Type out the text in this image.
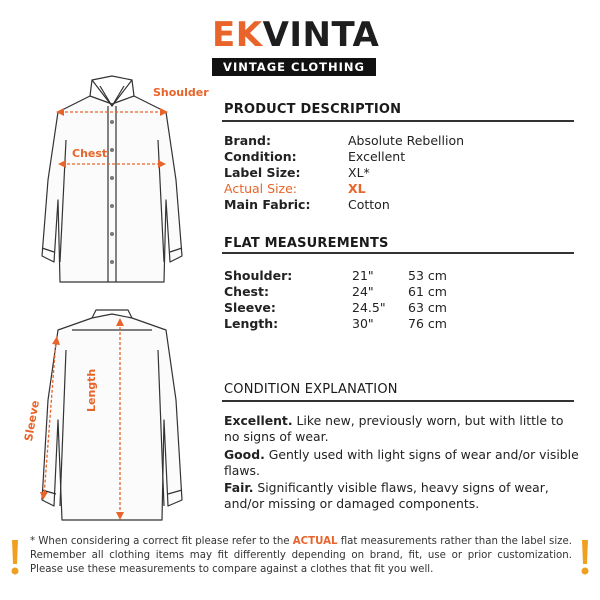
EKVINTA
VINTAGE CLOTHING
Shoulder
Chest
Length
Sleeve
PRODUCT DESCRIPTION
Brand:	Absolute Rebellion
Condition:	Excellent
Label Size:	XL*
Actual Size:	XL
Main Fabric:	Cotton
FLAT MEASUREMENTS
Shoulder:	21"	53 cm
Chest:	24"	61 cm
Sleeve:	24.5" 63 cm
Length:	30"	76 cm
CONDITION EXPLANATION
Excellent. Like new, previously worn, but with little to no signs of wear.
Good. Gently used with light signs of wear and/or visible flaws.
Fair. Significantly visible flaws, heavy signs of wear, and/or missing or damaged components.
* When considering a correct fit please refer to the ACTUAL flat measurements rather than the label size. Remember all clothing items may fit differently depending on brand, fit, use or prior customization. Please use these measurements to compare against a clothes that fit you well.
